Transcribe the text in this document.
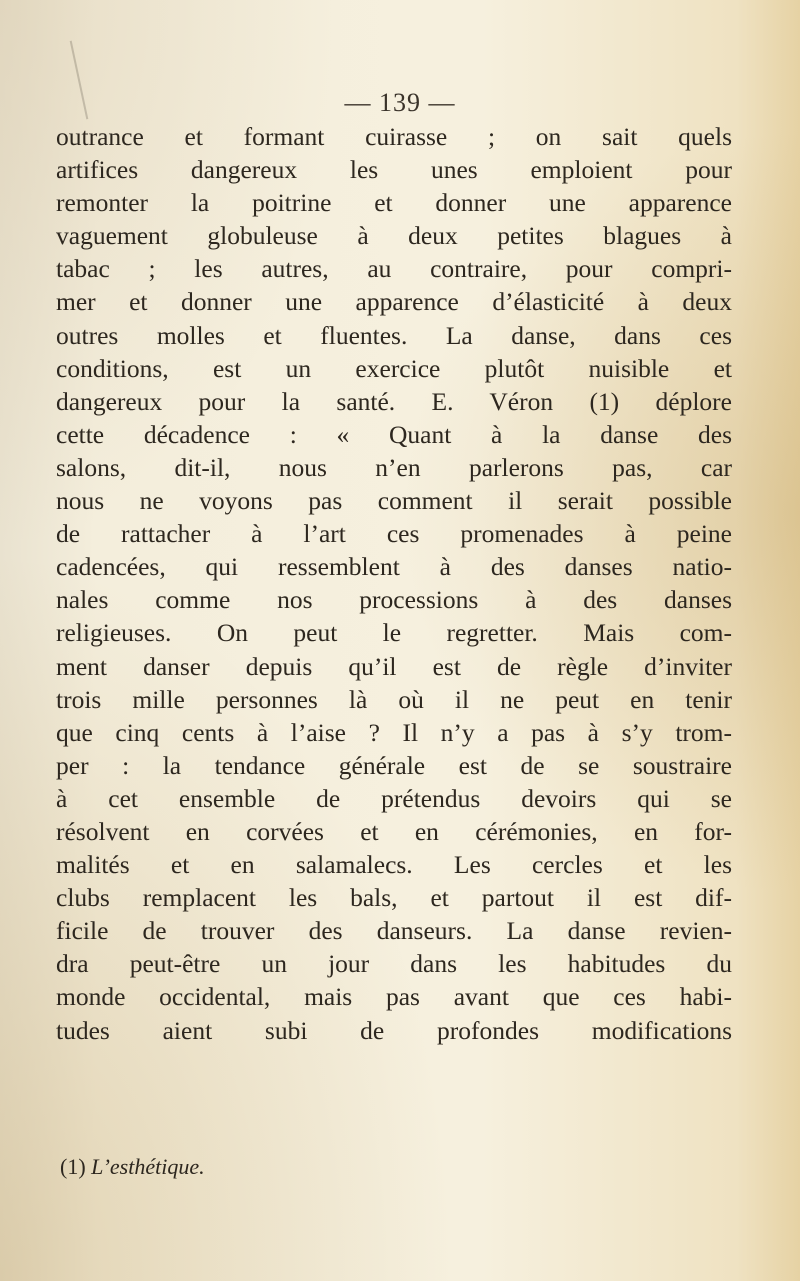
— 139 —
outrance et formant cuirasse ; on sait quels
artifices dangereux les unes emploient pour
remonter la poitrine et donner une apparence
vaguement globuleuse à deux petites blagues à
tabac ; les autres, au contraire, pour compri-
mer et donner une apparence d’élasticité à deux
outres molles et fluentes. La danse, dans ces
conditions, est un exercice plutôt nuisible et
dangereux pour la santé. E. Véron (1) déplore
cette décadence : « Quant à la danse des
salons, dit-il, nous n’en parlerons pas, car
nous ne voyons pas comment il serait possible
de rattacher à l’art ces promenades à peine
cadencées, qui ressemblent à des danses natio-
nales comme nos processions à des danses
religieuses. On peut le regretter. Mais com-
ment danser depuis qu’il est de règle d’inviter
trois mille personnes là où il ne peut en tenir
que cinq cents à l’aise ? Il n’y a pas à s’y trom-
per : la tendance générale est de se soustraire
à cet ensemble de prétendus devoirs qui se
résolvent en corvées et en cérémonies, en for-
malités et en salamalecs. Les cercles et les
clubs remplacent les bals, et partout il est dif-
ficile de trouver des danseurs. La danse revien-
dra peut-être un jour dans les habitudes du
monde occidental, mais pas avant que ces habi-
tudes aient subi de profondes modifications
(1) L’esthétique.
